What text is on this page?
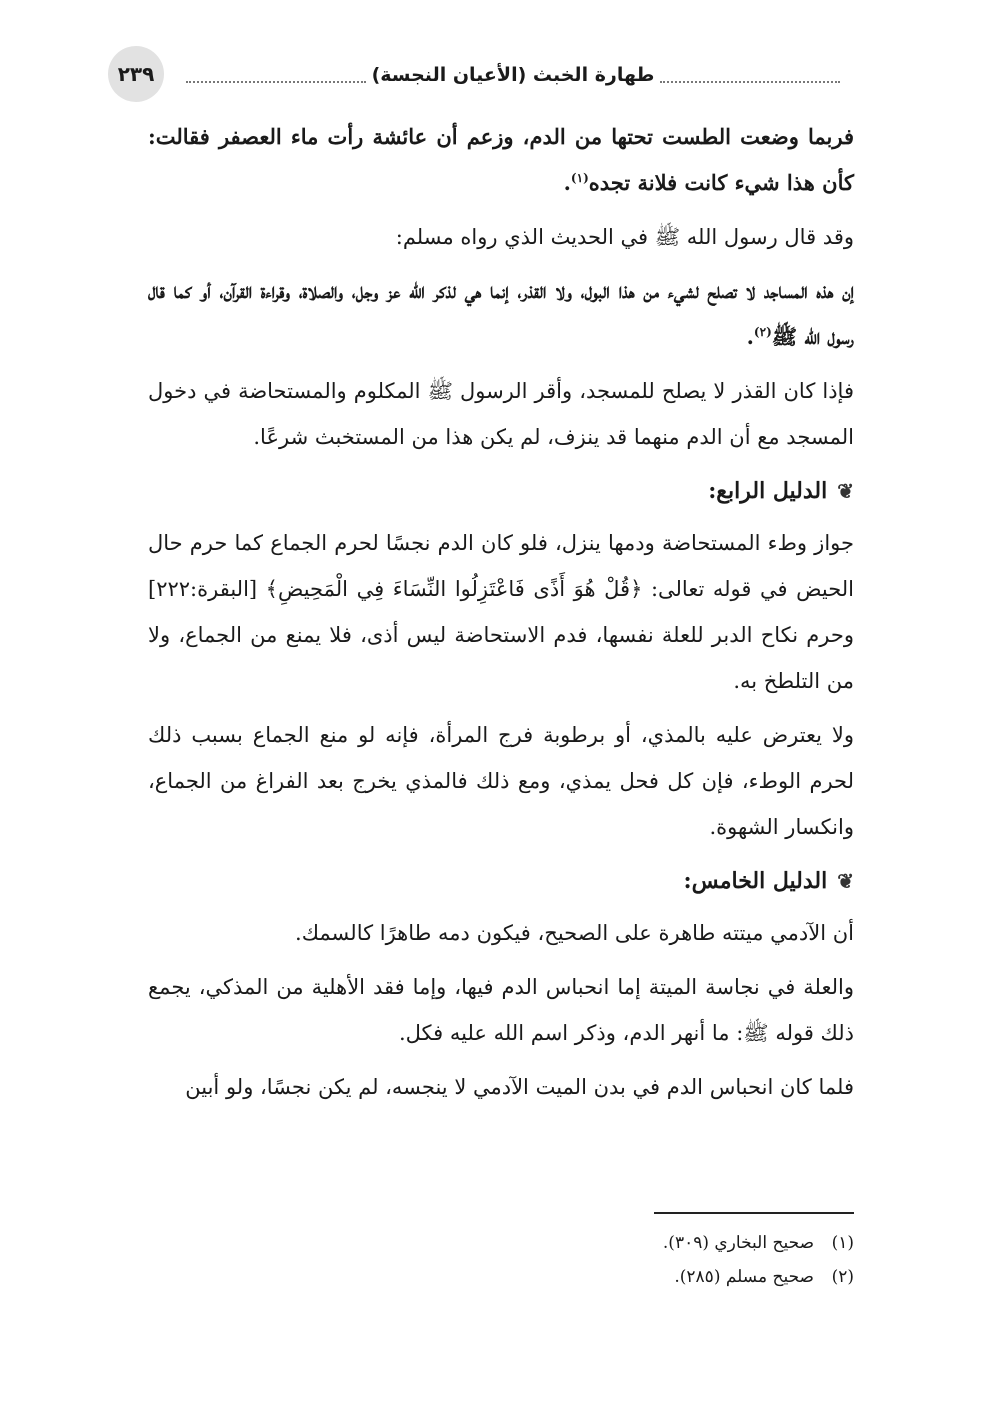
٢٣٩	طهارة الخبث (الأعيان النجسة)

فربما وضعت الطست تحتها من الدم، وزعم أن عائشة رأت ماء العصفر فقالت: كأن هذا شيء كانت فلانة تجده$^{(١)}$.

وقد قال رسول الله ﷺ في الحديث الذي رواه مسلم:

إن هذه المساجد لا تصلح لشيء من هذا البول، ولا القذر، إنما هي لذكر الله عز وجل، والصلاة، وقراءة القرآن، أو كما قال رسول الله ﷺ$^{(٢)}$.

فإذا كان القذر لا يصلح للمسجد، وأقر الرسول ﷺ المكلوم والمستحاضة في دخول المسجد مع أن الدم منهما قد ينزف، لم يكن هذا من المستخبث شرعًا.

❦
الدليل الرابع:

جواز وطء المستحاضة ودمها ينزل، فلو كان الدم نجسًا لحرم الجماع كما حرم حال الحيض في قوله تعالى: ﴿قُلْ هُوَ أَذًى فَاعْتَزِلُوا النِّسَاءَ فِي الْمَحِيضِ﴾ [البقرة:٢٢٢] وحرم نكاح الدبر للعلة نفسها، فدم الاستحاضة ليس أذى، فلا يمنع من الجماع، ولا من التلطخ به.

ولا يعترض عليه بالمذي، أو برطوبة فرج المرأة، فإنه لو منع الجماع بسبب ذلك لحرم الوطء، فإن كل فحل يمذي، ومع ذلك فالمذي يخرج بعد الفراغ من الجماع، وانكسار الشهوة.

❦
الدليل الخامس:

أن الآدمي ميتته طاهرة على الصحيح، فيكون دمه طاهرًا كالسمك.

والعلة في نجاسة الميتة إما انحباس الدم فيها، وإما فقد الأهلية من المذكي، يجمع ذلك قوله ﷺ: ما أنهر الدم، وذكر اسم الله عليه فكل.

فلما كان انحباس الدم في بدن الميت الآدمي لا ينجسه، لم يكن نجسًا، ولو أبين

(١)صحيح البخاري (٣٠٩).
(٢)صحيح مسلم (٢٨٥).
